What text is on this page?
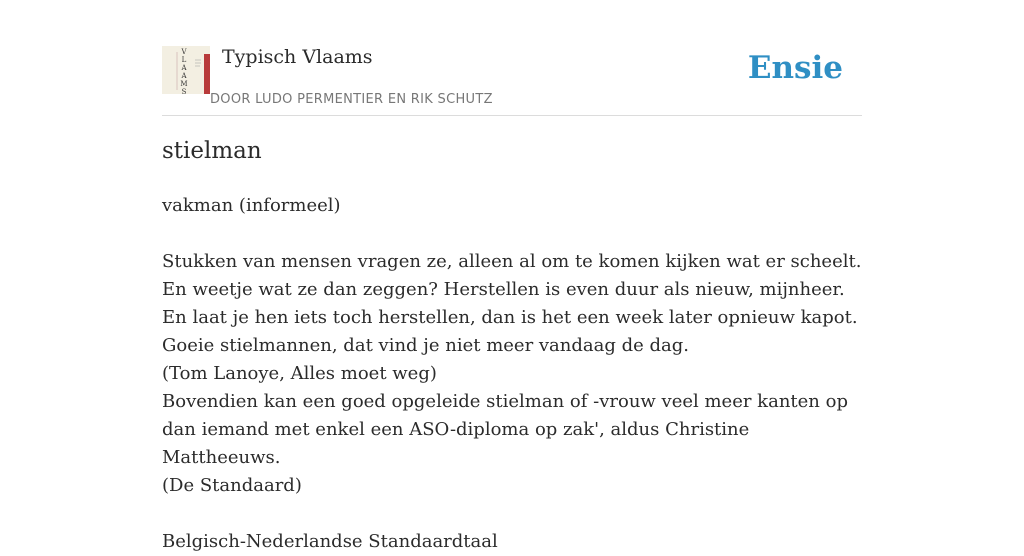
V L A A M S
Typisch Vlaams
DOOR LUDO PERMENTIER EN RIK SCHUTZ
Ensie
stielman

vakman (informeel)

Stukken van mensen vragen ze, alleen al om te komen kijken wat er scheelt. En weetje wat ze dan zeggen? Herstellen is even duur als nieuw, mijnheer. En laat je hen iets toch herstellen, dan is het een week later opnieuw kapot. Goeie stielmannen, dat vind je niet meer vandaag de dag.

(Tom Lanoye, Alles moet weg)

Bovendien kan een goed opgeleide stielman of -vrouw veel meer kanten op dan iemand met enkel een ASO-diploma op zak', aldus Christine Mattheeuws.

(De Standaard)

Belgisch-Nederlandse Standaardtaal
